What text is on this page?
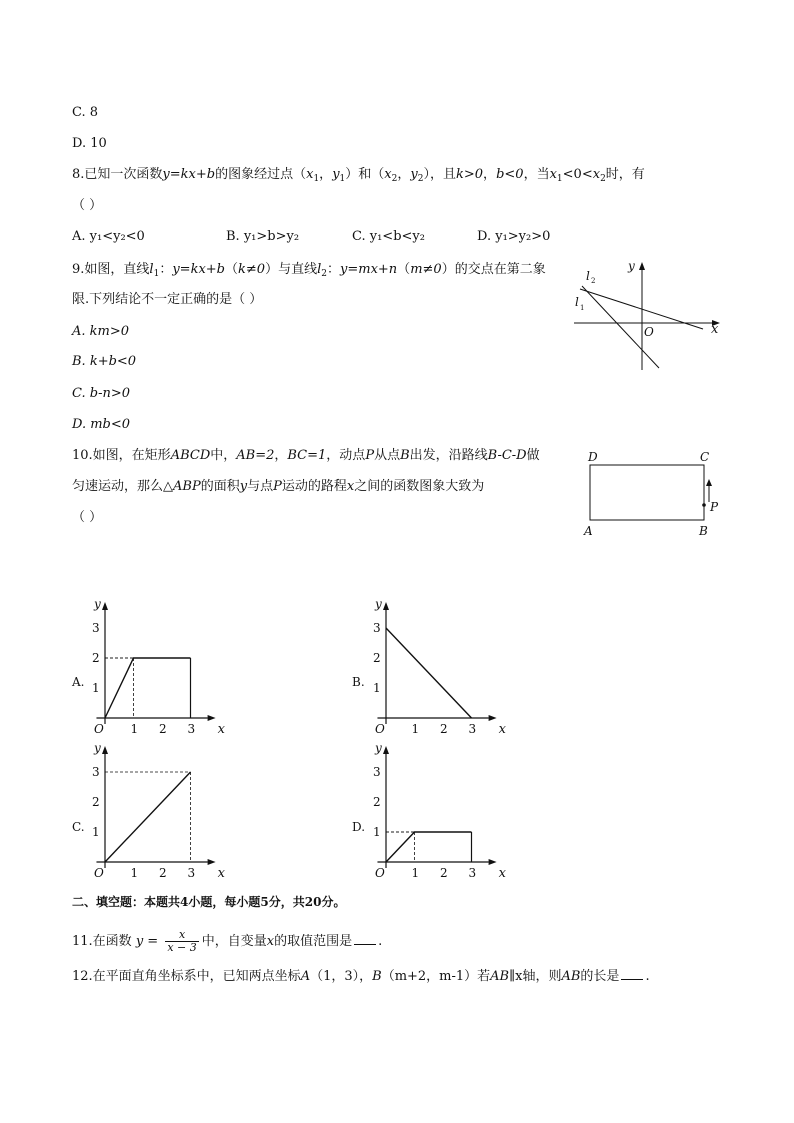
C. 8
D. 10
8.已知一次函数y=kx+b的图象经过点（$x_1$，$y_1$）和（$x_2$，$y_2$），且k>0，b<0，当$x_1<0<x_2$时，有
（ ）
A. y₁<y₂<0	B. y₁>b>y₂	C. y₁<b<y₂	D. y₁>y₂>0
9.如图，直线$l_1$：y=kx+b（k≠0）与直线$l_2$：y=mx+n（m≠0）的交点在第二象
限.下列结论不一定正确的是（ ）
A. km>0
B. k+b<0
C. b-n>0
D. mb<0
y
x
O
l 2
l 1
10.如图，在矩形ABCD中，AB=2，BC=1，动点P从点B出发，沿路线B-C-D做
匀速运动，那么△ABP的面积y与点P运动的路程x之间的函数图象大致为
（ ）
D	C
A	B
P
A.
1 2 3
1
2
3
O	x
y
B.
1 2 3
1
2
3
O	x
y
C.
1 2 3
1
2
3
O	x
y
D.
1 2 3
1
2
3
O	x
y
二、填空题：本题共4小题，每小题5分，共20分。
11.在函数 $y = \frac{x}{x - 3}$ 中，自变量x的取值范围是 .
12.在平面直角坐标系中，已知两点坐标A（1，3），B（m+2，m-1）若AB∥x轴，则AB的长是 .
